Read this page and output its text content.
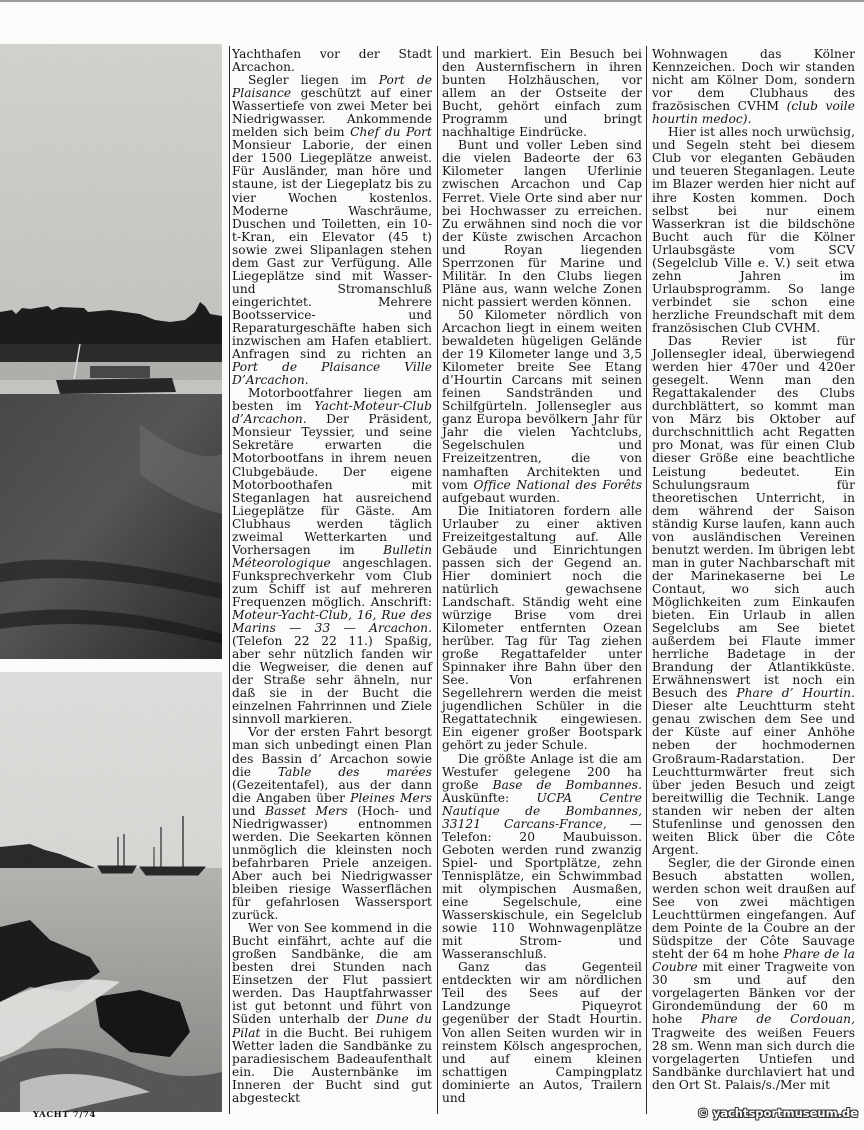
Yachthafen vor der Stadt Arcachon.

Segler liegen im Port de Plaisance geschützt auf einer Wassertiefe von zwei Meter bei Niedrigwasser. Ankommende melden sich beim Chef du Port Monsieur Laborie, der einen der 1500 Liegeplätze anweist. Für Ausländer, man höre und staune, ist der Liegeplatz bis zu vier Wochen kostenlos. Moderne Waschräume, Duschen und Toiletten, ein 10-t-Kran, ein Elevator (45 t) sowie zwei Slipanlagen stehen dem Gast zur Verfügung. Alle Liegeplätze sind mit Wasser- und Stromanschluß eingerichtet. Mehrere Bootsservice- und Reparaturgeschäfte haben sich inzwischen am Hafen etabliert. Anfragen sind zu richten an Port de Plaisance Ville D’Arcachon.

Motorbootfahrer liegen am besten im Yacht-Moteur-Club d’Arcachon. Der Präsident, Monsieur Teyssier, und seine Sekretäre erwarten die Motorbootfans in ihrem neuen Clubgebäude. Der eigene Motorboothafen mit Steganlagen hat ausreichend Liegeplätze für Gäste. Am Clubhaus werden täglich zweimal Wetterkarten und Vorhersagen im Bulletin Méteorologique angeschlagen. Funksprechverkehr vom Club zum Schiff ist auf mehreren Frequenzen möglich. Anschrift: Moteur-Yacht-Club, 16, Rue des Marins — 33 — Arcachon. (Telefon 22 22 11.) Spaßig, aber sehr nützlich fanden wir die Wegweiser, die denen auf der Straße sehr ähneln, nur daß sie in der Bucht die einzelnen Fahrrinnen und Ziele sinnvoll markieren.

Vor der ersten Fahrt besorgt man sich unbedingt einen Plan des Bassin d’ Arcachon sowie die Table des marées (Gezeitentafel), aus der dann die Angaben über Pleines Mers und Basset Mers (Hoch- und Niedrigwasser) entnommen werden. Die Seekarten können unmöglich die kleinsten noch befahrbaren Priele anzeigen. Aber auch bei Niedrigwasser bleiben riesige Wasserflächen für gefahrlosen Wassersport zurück.

Wer von See kommend in die Bucht einfährt, achte auf die großen Sandbänke, die am besten drei Stunden nach Einsetzen der Flut passiert werden. Das Hauptfahrwasser ist gut betonnt und führt von Süden unterhalb der Dune du Pilat in die Bucht. Bei ruhigem Wetter laden die Sandbänke zu paradiesischem Badeaufenthalt ein. Die Austernbänke im Inneren der Bucht sind gut abgesteckt

und markiert. Ein Besuch bei den Austernfischern in ihren bunten Holzhäuschen, vor allem an der Ostseite der Bucht, gehört einfach zum Programm und bringt nachhaltige Eindrücke.

Bunt und voller Leben sind die vielen Badeorte der 63 Kilometer langen Uferlinie zwischen Arcachon und Cap Ferret. Viele Orte sind aber nur bei Hochwasser zu erreichen. Zu erwähnen sind noch die vor der Küste zwischen Arcachon und Royan liegenden Sperrzonen für Marine und Militär. In den Clubs liegen Pläne aus, wann welche Zonen nicht passiert werden können.

50 Kilometer nördlich von Arcachon liegt in einem weiten bewaldeten hügeligen Gelände der 19 Kilometer lange und 3,5 Kilometer breite See Etang d’Hourtin Carcans mit seinen feinen Sandstränden und Schilfgürteln. Jollensegler aus ganz Europa bevölkern Jahr für Jahr die vielen Yachtclubs, Segelschulen und Freizeitzentren, die von namhaften Architekten und vom Office National des Forêts aufgebaut wurden.

Die Initiatoren fordern alle Urlauber zu einer aktiven Freizeitgestaltung auf. Alle Gebäude und Einrichtungen passen sich der Gegend an. Hier dominiert noch die natürlich gewachsene Landschaft. Ständig weht eine würzige Brise vom drei Kilometer entfernten Ozean herüber. Tag für Tag ziehen große Regattafelder unter Spinnaker ihre Bahn über den See. Von erfahrenen Segellehrern werden die meist jugendlichen Schüler in die Regattatechnik eingewiesen. Ein eigener großer Bootspark gehört zu jeder Schule.

Die größte Anlage ist die am Westufer gelegene 200 ha große Base de Bombannes. Auskünfte: UCPA Centre Nautique de Bombannes, 33121 Carcans-France, — Telefon: 20 Maubuisson. Geboten werden rund zwanzig Spiel- und Sportplätze, zehn Tennisplätze, ein Schwimmbad mit olympischen Ausmaßen, eine Segelschule, eine Wasserskischule, ein Segelclub sowie 110 Wohnwagenplätze mit Strom- und Wasseranschluß.

Ganz das Gegenteil entdeckten wir am nördlichen Teil des Sees auf der Landzunge Piqueyrot gegenüber der Stadt Hourtin. Von allen Seiten wurden wir in reinstem Kölsch angesprochen, und auf einem kleinen schattigen Campingplatz dominierte an Autos, Trailern und

Wohnwagen das Kölner Kennzeichen. Doch wir standen nicht am Kölner Dom, sondern vor dem Clubhaus des frazösischen CVHM (club voile hourtin medoc).

Hier ist alles noch urwüchsig, und Segeln steht bei diesem Club vor eleganten Gebäuden und teueren Steganlagen. Leute im Blazer werden hier nicht auf ihre Kosten kommen. Doch selbst bei nur einem Wasserkran ist die bildschöne Bucht auch für die Kölner Urlaubsgäste vom SCV (Segelclub Ville e. V.) seit etwa zehn Jahren im Urlaubsprogramm. So lange verbindet sie schon eine herzliche Freundschaft mit dem französischen Club CVHM.

Das Revier ist für Jollensegler ideal, überwiegend werden hier 470er und 420er gesegelt. Wenn man den Regattakalender des Clubs durchblättert, so kommt man von März bis Oktober auf durchschnittlich acht Regatten pro Monat, was für einen Club dieser Größe eine beachtliche Leistung bedeutet. Ein Schulungsraum für theoretischen Unterricht, in dem während der Saison ständig Kurse laufen, kann auch von ausländischen Vereinen benutzt werden. Im übrigen lebt man in guter Nachbarschaft mit der Marinekaserne bei Le Contaut, wo sich auch Möglichkeiten zum Einkaufen bieten. Ein Urlaub in allen Segelclubs am See bietet außerdem bei Flaute immer herrliche Badetage in der Brandung der Atlantikküste. Erwähnenswert ist noch ein Besuch des Phare d’ Hourtin. Dieser alte Leuchtturm steht genau zwischen dem See und der Küste auf einer Anhöhe neben der hochmodernen Großraum-Radarstation. Der Leuchtturmwärter freut sich über jeden Besuch und zeigt bereitwillig die Technik. Lange standen wir neben der alten Stufenlinse und genossen den weiten Blick über die Côte Argent.

Segler, die der Gironde einen Besuch abstatten wollen, werden schon weit draußen auf See von zwei mächtigen Leuchttürmen eingefangen. Auf dem Pointe de la Coubre an der Südspitze der Côte Sauvage steht der 64 m hohe Phare de la Coubre mit einer Tragweite von 30 sm und auf den vorgelagerten Bänken vor der Girondemündung der 60 m hohe Phare de Cordouan, Tragweite des weißen Feuers 28 sm. Wenn man sich durch die vorgelagerten Untiefen und Sandbänke durchlaviert hat und den Ort St. Palais/s./Mer mit

YACHT 7/74	© yachtsportmuseum.de
